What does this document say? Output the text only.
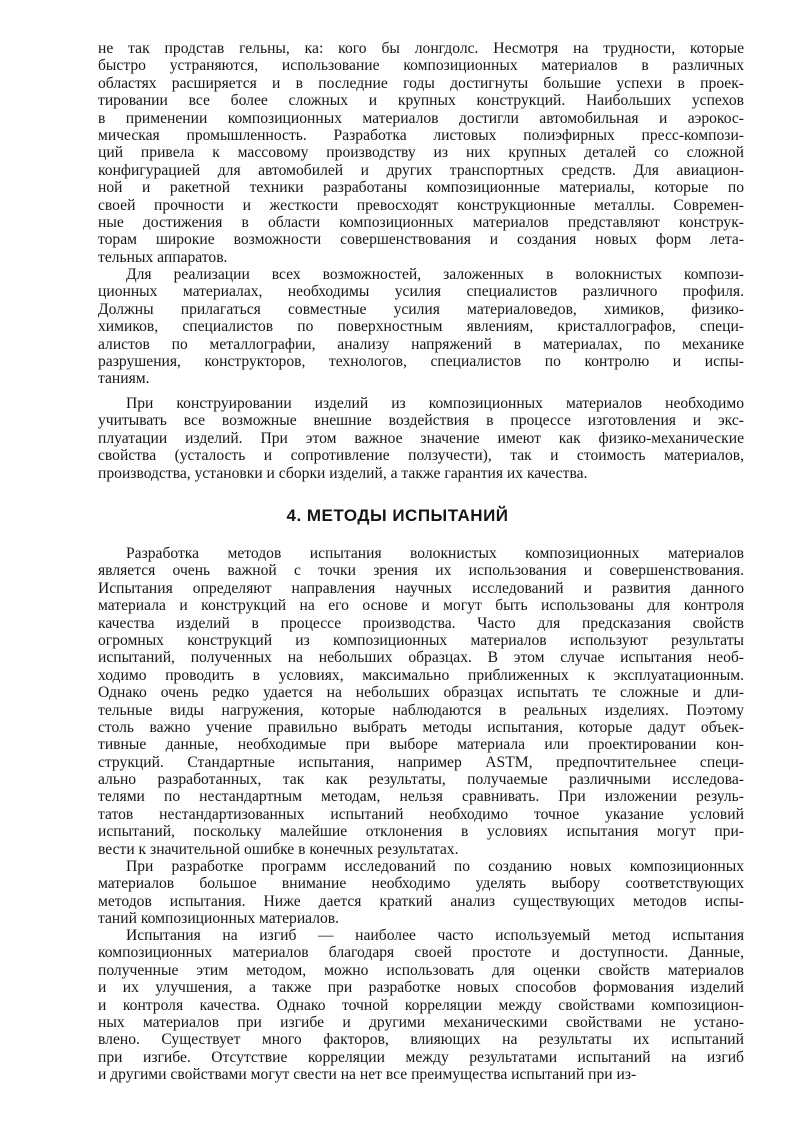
4. МЕТОДЫ ИСПЫТАНИЙ
не так продстав гельны, ка: кого бы лонгдолс. Несмотря на трудности, которые
быстро устраняются, использование композиционных материалов в различных
областях расширяется и в последние годы достигнуты большие успехи в проек-
тировании все более сложных и крупных конструкций. Наибольших успехов
в применении композиционных материалов достигли автомобильная и аэрокос-
мическая промышленность. Разработка листовых полиэфирных пресс-компози-
ций привела к массовому производству из них крупных деталей со сложной
конфигурацией для автомобилей и других транспортных средств. Для авиацион-
ной и ракетной техники разработаны композиционные материалы, которые по
своей прочности и жесткости превосходят конструкционные металлы. Современ-
ные достижения в области композиционных материалов представляют конструк-
торам широкие возможности совершенствования и создания новых форм лета-
тельных аппаратов.
Для реализации всех возможностей, заложенных в волокнистых компози-
ционных материалах, необходимы усилия специалистов различного профиля.
Должны прилагаться совместные усилия материаловедов, химиков, физико-
химиков, специалистов по поверхностным явлениям, кристаллографов, специ-
алистов по металлографии, анализу напряжений в материалах, по механике
разрушения, конструкторов, технологов, специалистов по контролю и испы-
таниям.
При конструировании изделий из композиционных материалов необходимо
учитывать все возможные внешние воздействия в процессе изготовления и экс-
плуатации изделий. При этом важное значение имеют как физико-механические
свойства (усталость и сопротивление ползучести), так и стоимость материалов,
производства, установки и сборки изделий, а также гарантия их качества.
Разработка методов испытания волокнистых композиционных материалов
является очень важной с точки зрения их использования и совершенствования.
Испытания определяют направления научных исследований и развития данного
материала и конструкций на его основе и могут быть использованы для контроля
качества изделий в процессе производства. Часто для предсказания свойств
огромных конструкций из композиционных материалов используют результаты
испытаний, полученных на небольших образцах. В этом случае испытания необ-
ходимо проводить в условиях, максимально приближенных к эксплуатационным.
Однако очень редко удается на небольших образцах испытать те сложные и дли-
тельные виды нагружения, которые наблюдаются в реальных изделиях. Поэтому
столь важно учение правильно выбрать методы испытания, которые дадут объек-
тивные данные, необходимые при выборе материала или проектировании кон-
струкций. Стандартные испытания, например ASTM, предпочтительнее специ-
ально разработанных, так как результаты, получаемые различными исследова-
телями по нестандартным методам, нельзя сравнивать. При изложении резуль-
татов нестандартизованных испытаний необходимо точное указание условий
испытаний, поскольку малейшие отклонения в условиях испытания могут при-
вести к значительной ошибке в конечных результатах.
При разработке программ исследований по созданию новых композиционных
материалов большое внимание необходимо уделять выбору соответствующих
методов испытания. Ниже дается краткий анализ существующих методов испы-
таний композиционных материалов.
Испытания на изгиб — наиболее часто используемый метод испытания
композиционных материалов благодаря своей простоте и доступности. Данные,
полученные этим методом, можно использовать для оценки свойств материалов
и их улучшения, а также при разработке новых способов формования изделий
и контроля качества. Однако точной корреляции между свойствами композицион-
ных материалов при изгибе и другими механическими свойствами не устано-
влено. Существует много факторов, влияющих на результаты их испытаний
при изгибе. Отсутствие корреляции между результатами испытаний на изгиб
и другими свойствами могут свести на нет все преимущества испытаний при из-
